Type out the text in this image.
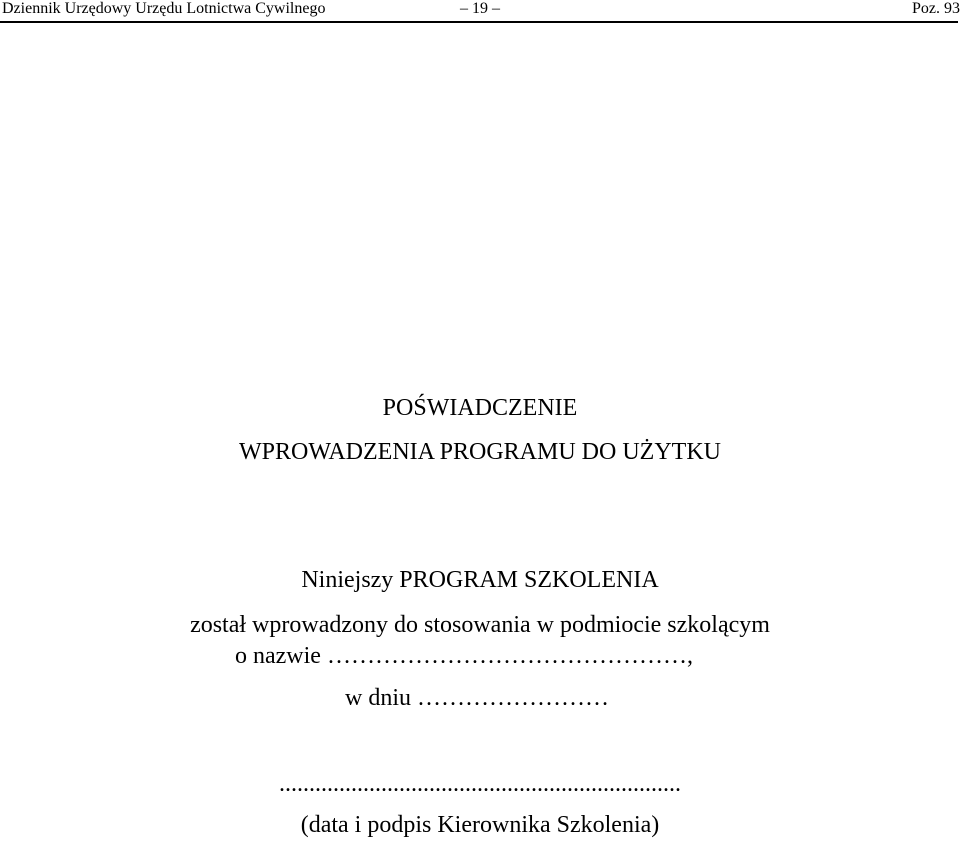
Dziennik Urzędowy Urzędu Lotnictwa Cywilnego	– 19 –	Poz. 93
POŚWIADCZENIE
WPROWADZENIA PROGRAMU DO UŻYTKU
Niniejszy PROGRAM SZKOLENIA
został wprowadzony do stosowania w podmiocie szkolącym
o nazwie ………………………………………,
w dniu ……………………
...................................................................
(data i podpis Kierownika Szkolenia)
